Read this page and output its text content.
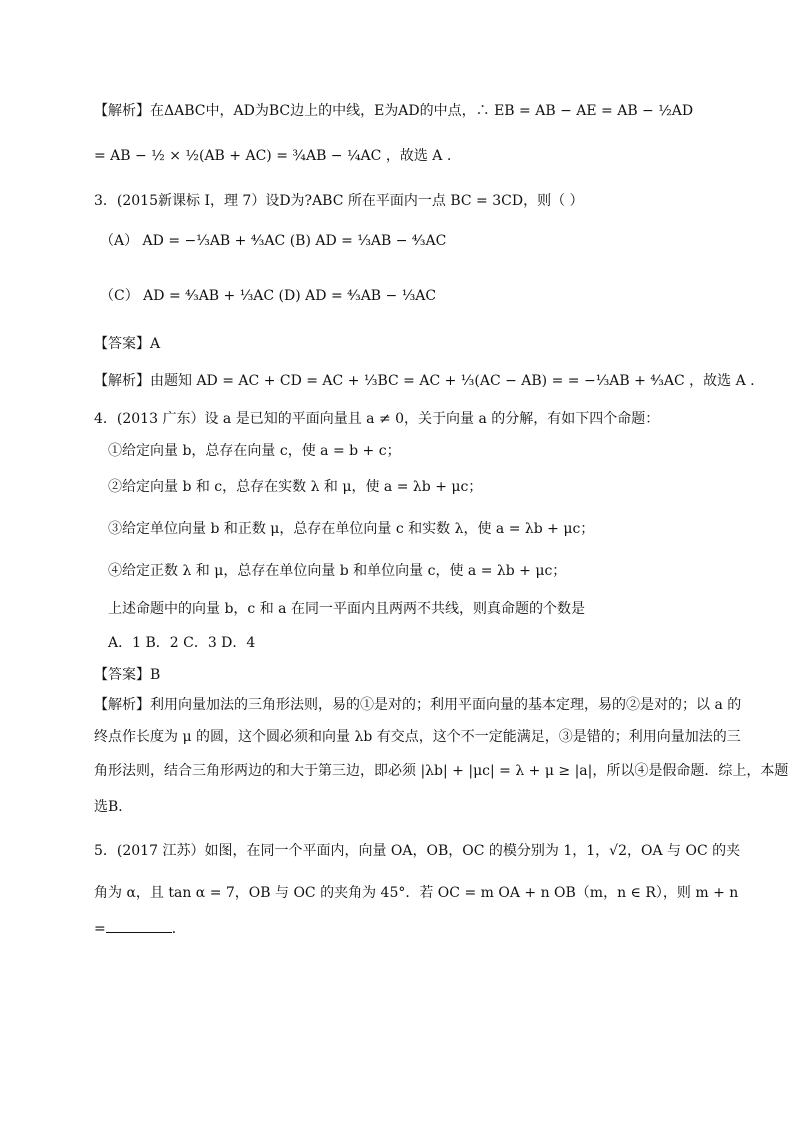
【解析】在ΔABC中，AD为BC边上的中线，E为AD的中点，∴ EB = AB − AE = AB − ½AD
= AB − ½ × ½(AB + AC) = ¾AB − ¼AC ，故选 A .
3．(2015新课标 I，理 7）设D为?ABC 所在平面内一点 BC = 3CD，则（ ）
（A） AD = −⅓AB + ⁴⁄₃AC (B) AD = ⅓AB − ⁴⁄₃AC
（C） AD = ⁴⁄₃AB + ⅓AC (D) AD = ⁴⁄₃AB − ⅓AC
【答案】A
【解析】由题知 AD = AC + CD = AC + ⅓BC = AC + ⅓(AC − AB) = = −⅓AB + ⁴⁄₃AC ，故选 A .
4．(2013 广东）设 a 是已知的平面向量且 a ≠ 0，关于向量 a 的分解，有如下四个命题：
①给定向量 b，总存在向量 c，使 a = b + c；
②给定向量 b 和 c，总存在实数 λ 和 μ，使 a = λb + μc；
③给定单位向量 b 和正数 μ，总存在单位向量 c 和实数 λ，使 a = λb + μc；
④给定正数 λ 和 μ，总存在单位向量 b 和单位向量 c，使 a = λb + μc；
上述命题中的向量 b，c 和 a 在同一平面内且两两不共线，则真命题的个数是
A．1 B．2 C．3 D．4
【答案】B
【解析】利用向量加法的三角形法则，易的①是对的；利用平面向量的基本定理，易的②是对的；以 a 的
终点作长度为 μ 的圆，这个圆必须和向量 λb 有交点，这个不一定能满足，③是错的；利用向量加法的三
角形法则，结合三角形两边的和大于第三边，即必须 |λb| + |μc| = λ + μ ≥ |a|，所以④是假命题．综上，本题
选B．
5．(2017 江苏）如图，在同一个平面内，向量 OA，OB，OC 的模分别为 1，1，√2，OA 与 OC 的夹
角为 α，且 tan α = 7，OB 与 OC 的夹角为 45°．若 OC = m OA + n OB（m，n ∈ R），则 m + n
=	．
